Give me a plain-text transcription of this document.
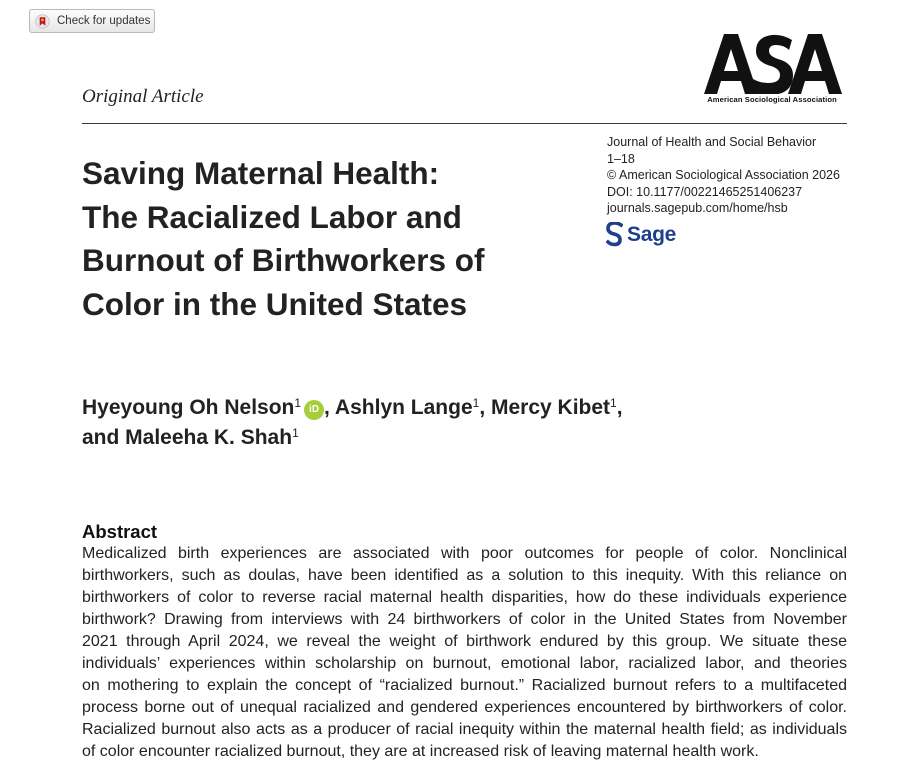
Check for updates
American Sociological Association
Original Article
Journal of Health and Social Behavior
1–18
© American Sociological Association 2026
DOI: 10.1177/00221465251406237
journals.sagepub.com/home/hsb
Sage
Saving Maternal Health:
The Racialized Labor and
Burnout of Birthworkers of
Color in the United States
Hyeyoung Oh Nelson$^1$ iD , Ashlyn Lange$^1$, Mercy Kibet$^1$,
and Maleeha K. Shah$^1$
Abstract
Medicalized birth experiences are associated with poor outcomes for people of color. Nonclinical
birthworkers, such as doulas, have been identified as a solution to this inequity. With this reliance on
birthworkers of color to reverse racial maternal health disparities, how do these individuals experience
birthwork? Drawing from interviews with 24 birthworkers of color in the United States from November
2021 through April 2024, we reveal the weight of birthwork endured by this group. We situate these
individuals’ experiences within scholarship on burnout, emotional labor, racialized labor, and theories
on mothering to explain the concept of “racialized burnout.” Racialized burnout refers to a multifaceted
process borne out of unequal racialized and gendered experiences encountered by birthworkers of color.
Racialized burnout also acts as a producer of racial inequity within the maternal health field; as individuals
of color encounter racialized burnout, they are at increased risk of leaving maternal health work.
